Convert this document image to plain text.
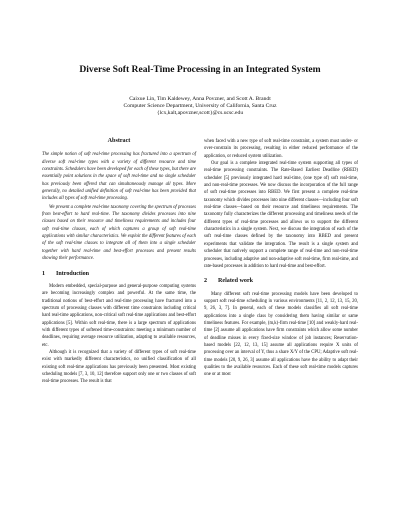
Diverse Soft Real-Time Processing in an Integrated System
Caixue Lin, Tim Kaldewey, Anna Povzner, and Scott A. Brandt
Computer Science Department, University of California, Santa Cruz
{lcx,kalt,apovzner,scott}@cs.ucsc.edu
Abstract

The simple notion of soft real-time processing has fractured into a spectrum of diverse soft real-time types with a variety of different resource and time constraints. Schedulers have been developed for each of these types, but there are essentially point solutions in the space of soft real-time and no single scheduler has previously been offered that can simultaneously manage all types. More generally, no detailed unified definition of soft real-time has been provided that includes all types of soft real-time processing.

We present a complete real-time taxonomy covering the spectrum of processes from best-effort to hard real-time. The taxonomy divides processes into nine classes based on their resource and timeliness requirements and includes four soft real-time classes, each of which captures a group of soft real-time applications with similar characteristics. We exploit the different features of each of the soft real-time classes to integrate all of them into a single scheduler together with hard real-time and best-effort processes and present results showing their performance.

1	Introduction

Modern embedded, special-purpose and general-purpose computing systems are becoming increasingly complex and powerful. At the same time, the traditional notions of best-effort and real-time processing have fractured into a spectrum of processing classes with different time constraints including critical hard real-time applications, non-critical soft real-time applications and best-effort applications [5]. Within soft real-time, there is a large spectrum of applications with different types of softened time-constraints: meeting a minimum number of deadlines, requiring average resource utilization, adapting to available resources, etc.

Although it is recognized that a variety of different types of soft real-time exist with markedly different characteristics, no unified classification of all existing soft real-time applications has previously been presented. Most existing scheduling models [7, 3, 10, 12] therefore support only one or two classes of soft real-time processes. The result is that

when faced with a new type of soft real-time constraint, a system must under- or over-constrain its processing, resulting in either reduced performance of the application, or reduced system utilization.

Our goal is a complete integrated real-time system supporting all types of real-time processing constraints. The Rate-Based Earliest Deadline (RBED) scheduler [5] previously integrated hard real-time, (one type of) soft real-time, and non-real-time processes. We now discuss the incorporation of the full range of soft real-time processes into RBED. We first present a complete real-time taxonomy which divides processes into nine different classes—including four soft real-time classes—based on their resource and timeliness requirements. The taxonomy fully characterizes the different processing and timeliness needs of the different types of real-time processes and allows us to support the different characteristics in a single system. Next, we discuss the integration of each of the soft real-time classes defined by the taxonomy into RBED and present experiments that validate the integration. The result is a single system and scheduler that natively support a complete range of real-time and non-real-time processes, including adaptive and non-adaptive soft real-time, firm real-time, and rate-based processes in addition to hard real-time and best-effort.

2	Related work

Many different soft real-time processing models have been developed to support soft real-time scheduling in various environments [11, 2, 12, 13, 15, 20, 9, 26, 3, 7]. In general, each of these models classifies all soft real-time applications into a single class by considering them having similar or same timeliness features. For example, (m,k)-firm real-time [10] and weakly-hard real-time [2] assume all applications have firm constraints which allow some number of deadline misses in every fixed-size window of job instances; Reservation-based models [22, 12, 13, 15] assume all applications require X units of processing over an interval of Y, thus a share X/Y of the CPU; Adaptive soft real-time models [20, 9, 26, 3] assume all applications have the ability to adapt their qualities to the available resources. Each of these soft real-time models captures one or at most
